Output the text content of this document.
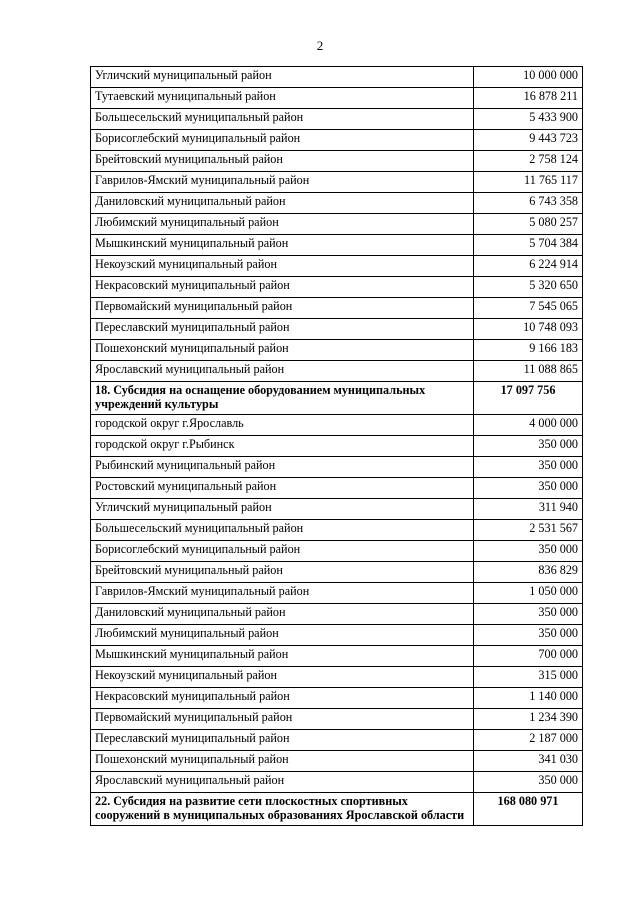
2
Угличский муниципальный район	10 000 000
Тутаевский муниципальный район	16 878 211
Большесельский муниципальный район	5 433 900
Борисоглебский муниципальный район	9 443 723
Брейтовский муниципальный район	2 758 124
Гаврилов-Ямский муниципальный район	11 765 117
Даниловский муниципальный район	6 743 358
Любимский муниципальный район	5 080 257
Мышкинский муниципальный район	5 704 384
Некоузский муниципальный район	6 224 914
Некрасовский муниципальный район	5 320 650
Первомайский муниципальный район	7 545 065
Переславский муниципальный район	10 748 093
Пошехонский муниципальный район	9 166 183
Ярославский муниципальный район	11 088 865
18. Субсидия на оснащение оборудованием муниципальных учреждений культуры	17 097 756
городской округ г.Ярославль	4 000 000
городской округ г.Рыбинск	350 000
Рыбинский муниципальный район	350 000
Ростовский муниципальный район	350 000
Угличский муниципальный район	311 940
Большесельский муниципальный район	2 531 567
Борисоглебский муниципальный район	350 000
Брейтовский муниципальный район	836 829
Гаврилов-Ямский муниципальный район	1 050 000
Даниловский муниципальный район	350 000
Любимский муниципальный район	350 000
Мышкинский муниципальный район	700 000
Некоузский муниципальный район	315 000
Некрасовский муниципальный район	1 140 000
Первомайский муниципальный район	1 234 390
Переславский муниципальный район	2 187 000
Пошехонский муниципальный район	341 030
Ярославский муниципальный район	350 000
22. Субсидия на развитие сети плоскостных спортивных сооружений в муниципальных образованиях Ярославской области	168 080 971
